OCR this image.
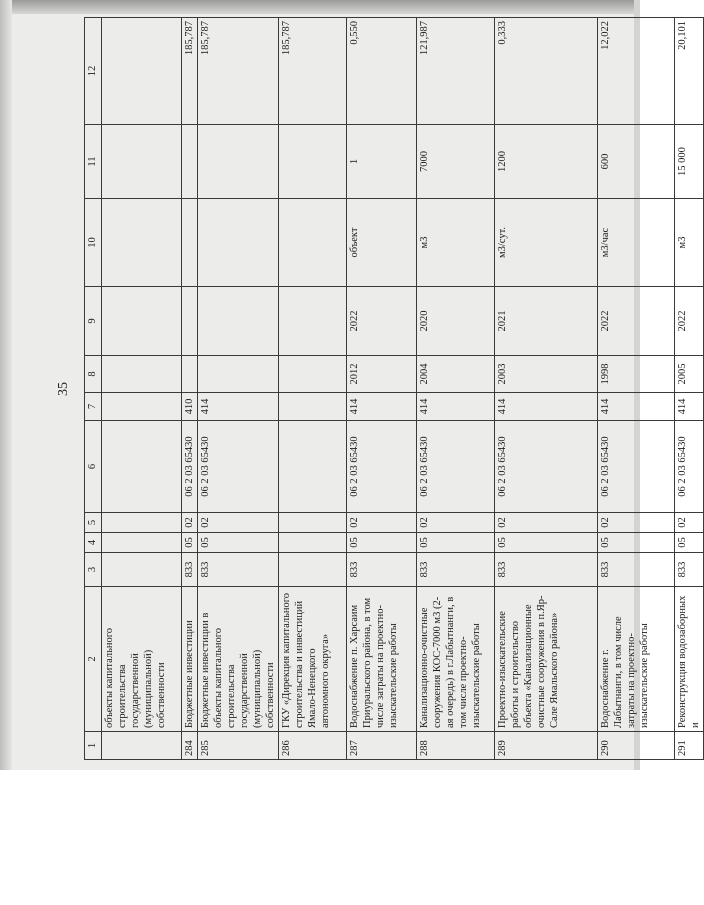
35
1	2	3	4	5	6	7	8	9	10	11	12
	объекты капитального строительства государственной (муниципальной) собственности										
284	Бюджетные инвестиции	833	05	02	06 2 03 65430	410					185,787
285	Бюджетные инвестиции в объекты капитального строительства государственной (муниципальной) собственности	833	05	02	06 2 03 65430	414					185,787
286	ГКУ «Дирекция капитального строительства и инвестиций Ямало-Ненецкого автономного округа»										185,787
287	Водоснабжение п. Харсаим Приуральского района, в том числе затраты на проектно-изыскательские работы	833	05	02	06 2 03 65430	414	2012	2022	объект	1	0,550
288	Канализационно-очистные сооружения КОС-7000 м3 (2-ая очередь) в г.Лабытнанги, в том числе проектно-изыскательские работы	833	05	02	06 2 03 65430	414	2004	2020	м3	7000	121,987
289	Проектно-изыскательские работы и строительство объекта «Канализационные очистные сооружения в п.Яр-Сале Ямальского района»	833	05	02	06 2 03 65430	414	2003	2021	м3/сут.	1200	0,333
290	Водоснабжение г. Лабытнанги, в том числе затраты на проектно-изыскательские работы	833	05	02	06 2 03 65430	414	1998	2022	м3/час	600	12,022
291	Реконструкция водозаборных и	833	05	02	06 2 03 65430	414	2005	2022	м3	15 000	20,101
